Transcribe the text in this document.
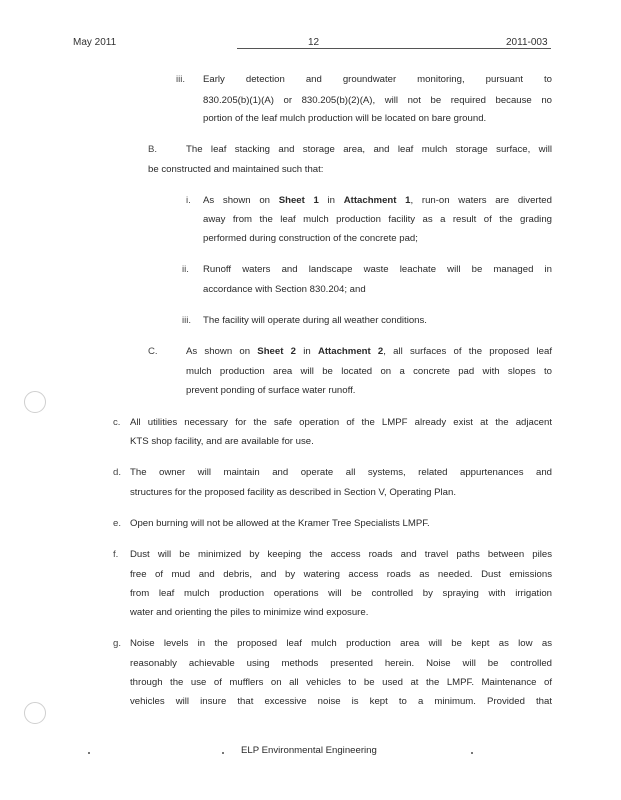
May 2011	12	2011-003
iii. Early detection and groundwater monitoring, pursuant to
830.205(b)(1)(A) or 830.205(b)(2)(A), will not be required because no
portion of the leaf mulch production will be located on bare ground.
B.	The leaf stacking and storage area, and leaf mulch storage surface, will
be constructed and maintained such that:
i. As shown on Sheet 1 in Attachment 1, run-on waters are diverted
away from the leaf mulch production facility as a result of the grading
performed during construction of the concrete pad;
ii. Runoff waters and landscape waste leachate will be managed in
accordance with Section 830.204; and
iii. The facility will operate during all weather conditions.
C.	As shown on Sheet 2 in Attachment 2, all surfaces of the proposed leaf
mulch production area will be located on a concrete pad with slopes to
prevent ponding of surface water runoff.
c. All utilities necessary for the safe operation of the LMPF already exist at the adjacent
KTS shop facility, and are available for use.
d. The owner will maintain and operate all systems, related appurtenances and
structures for the proposed facility as described in Section V, Operating Plan.
e. Open burning will not be allowed at the Kramer Tree Specialists LMPF.
f. Dust will be minimized by keeping the access roads and travel paths between piles
free of mud and debris, and by watering access roads as needed. Dust emissions
from leaf mulch production operations will be controlled by spraying with irrigation
water and orienting the piles to minimize wind exposure.
g. Noise levels in the proposed leaf mulch production area will be kept as low as
reasonably achievable using methods presented herein. Noise will be controlled
through the use of mufflers on all vehicles to be used at the LMPF. Maintenance of
vehicles will insure that excessive noise is kept to a minimum. Provided that
ELP Environmental Engineering
